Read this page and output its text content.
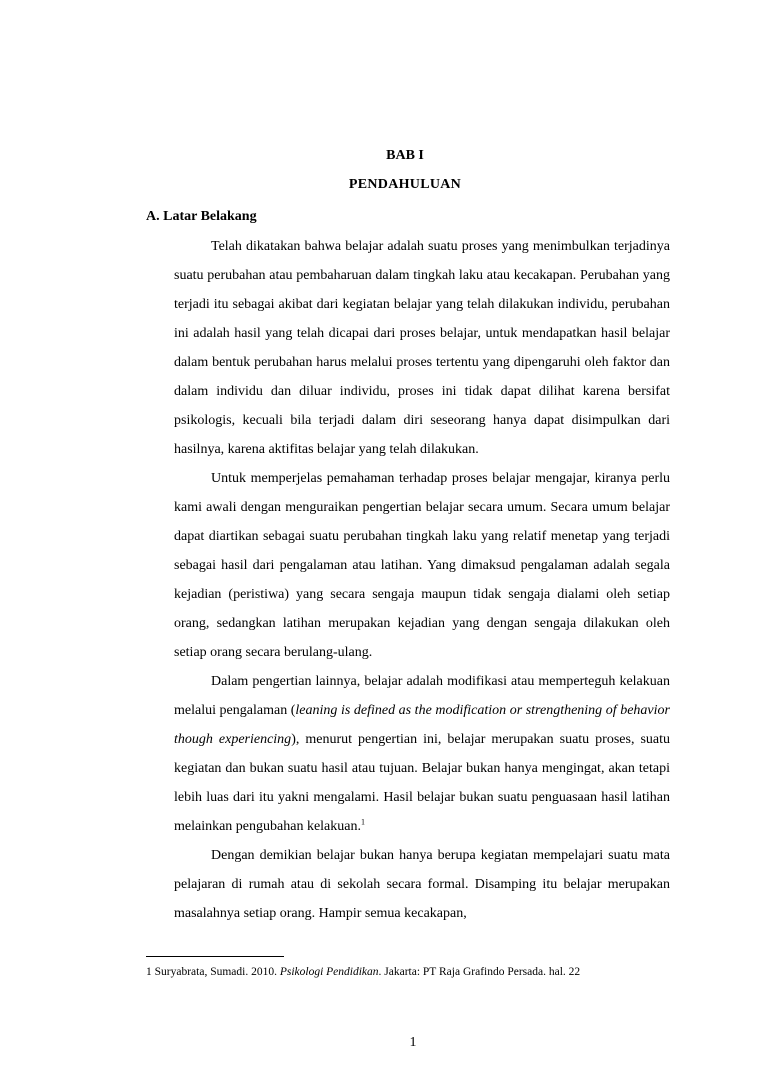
BAB I
PENDAHULUAN
A. Latar Belakang

Telah dikatakan bahwa belajar adalah suatu proses yang menimbulkan terjadinya suatu perubahan atau pembaharuan dalam tingkah laku atau kecakapan. Perubahan yang terjadi itu sebagai akibat dari kegiatan belajar yang telah dilakukan individu, perubahan ini adalah hasil yang telah dicapai dari proses belajar, untuk mendapatkan hasil belajar dalam bentuk perubahan harus melalui proses tertentu yang dipengaruhi oleh faktor dan dalam individu dan diluar individu, proses ini tidak dapat dilihat karena bersifat psikologis, kecuali bila terjadi dalam diri seseorang hanya dapat disimpulkan dari hasilnya, karena aktifitas belajar yang telah dilakukan.

Untuk memperjelas pemahaman terhadap proses belajar mengajar, kiranya perlu kami awali dengan menguraikan pengertian belajar secara umum. Secara umum belajar dapat diartikan sebagai suatu perubahan tingkah laku yang relatif menetap yang terjadi sebagai hasil dari pengalaman atau latihan. Yang dimaksud pengalaman adalah segala kejadian (peristiwa) yang secara sengaja maupun tidak sengaja dialami oleh setiap orang, sedangkan latihan merupakan kejadian yang dengan sengaja dilakukan oleh setiap orang secara berulang-ulang.

Dalam pengertian lainnya, belajar adalah modifikasi atau memperteguh kelakuan melalui pengalaman (leaning is defined as the modification or strengthening of behavior though experiencing), menurut pengertian ini, belajar merupakan suatu proses, suatu kegiatan dan bukan suatu hasil atau tujuan. Belajar bukan hanya mengingat, akan tetapi lebih luas dari itu yakni mengalami. Hasil belajar bukan suatu penguasaan hasil latihan melainkan pengubahan kelakuan.$^1$

Dengan demikian belajar bukan hanya berupa kegiatan mempelajari suatu mata pelajaran di rumah atau di sekolah secara formal. Disamping itu belajar merupakan masalahnya setiap orang. Hampir semua kecakapan,

1 Suryabrata, Sumadi. 2010. Psikologi Pendidikan. Jakarta: PT Raja Grafindo Persada. hal. 22
1
